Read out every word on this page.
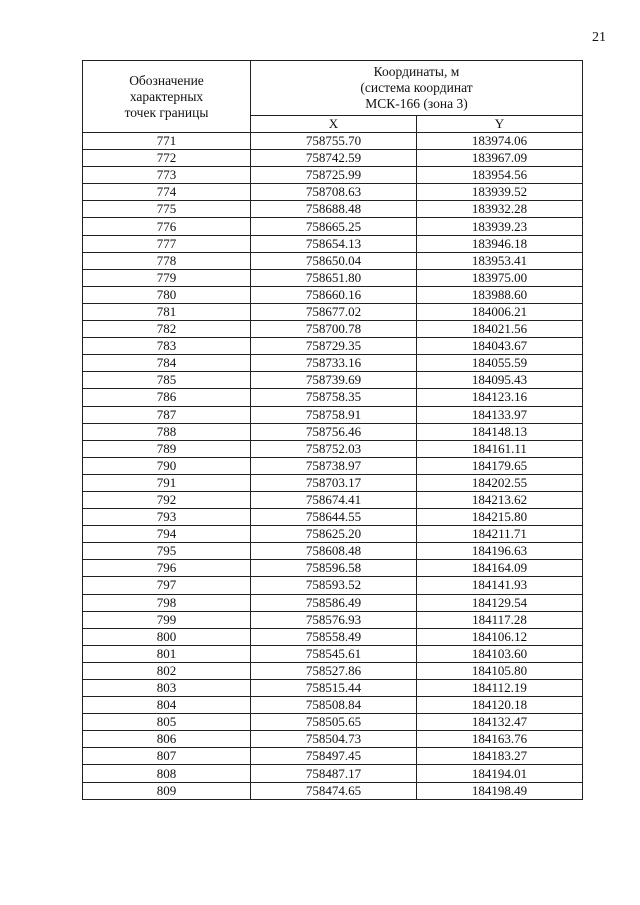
21
Обозначение
характерных
точек границы	Координаты, м
(система координат
МСК-166 (зона 3)	
	X	Y
771	758755.70	183974.06
772	758742.59	183967.09
773	758725.99	183954.56
774	758708.63	183939.52
775	758688.48	183932.28
776	758665.25	183939.23
777	758654.13	183946.18
778	758650.04	183953.41
779	758651.80	183975.00
780	758660.16	183988.60
781	758677.02	184006.21
782	758700.78	184021.56
783	758729.35	184043.67
784	758733.16	184055.59
785	758739.69	184095.43
786	758758.35	184123.16
787	758758.91	184133.97
788	758756.46	184148.13
789	758752.03	184161.11
790	758738.97	184179.65
791	758703.17	184202.55
792	758674.41	184213.62
793	758644.55	184215.80
794	758625.20	184211.71
795	758608.48	184196.63
796	758596.58	184164.09
797	758593.52	184141.93
798	758586.49	184129.54
799	758576.93	184117.28
800	758558.49	184106.12
801	758545.61	184103.60
802	758527.86	184105.80
803	758515.44	184112.19
804	758508.84	184120.18
805	758505.65	184132.47
806	758504.73	184163.76
807	758497.45	184183.27
808	758487.17	184194.01
809	758474.65	184198.49
